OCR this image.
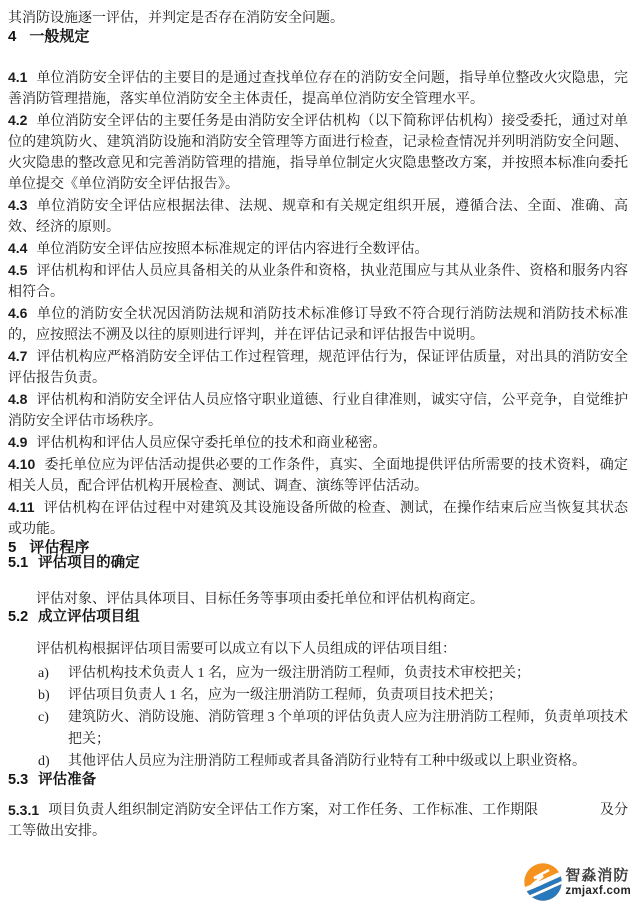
其消防设施逐一评估，并判定是否存在消防安全问题。

4 一般规定

4.1 单位消防安全评估的主要目的是通过查找单位存在的消防安全问题，指导单位整改火灾隐患，完善消防管理措施，落实单位消防安全主体责任，提高单位消防安全管理水平。

4.2 单位消防安全评估的主要任务是由消防安全评估机构（以下简称评估机构）接受委托，通过对单位的建筑防火、建筑消防设施和消防安全管理等方面进行检查，记录检查情况并列明消防安全问题、火灾隐患的整改意见和完善消防管理的措施，指导单位制定火灾隐患整改方案，并按照本标准向委托单位提交《单位消防安全评估报告》。

4.3 单位消防安全评估应根据法律、法规、规章和有关规定组织开展，遵循合法、全面、准确、高效、经济的原则。

4.4 单位消防安全评估应按照本标准规定的评估内容进行全数评估。

4.5 评估机构和评估人员应具备相关的从业条件和资格，执业范围应与其从业条件、资格和服务内容相符合。

4.6 单位的消防安全状况因消防法规和消防技术标准修订导致不符合现行消防法规和消防技术标准的，应按照法不溯及以往的原则进行评判，并在评估记录和评估报告中说明。

4.7 评估机构应严格消防安全评估工作过程管理，规范评估行为，保证评估质量，对出具的消防安全评估报告负责。

4.8 评估机构和消防安全评估人员应恪守职业道德、行业自律准则，诚实守信，公平竞争，自觉维护消防安全评估市场秩序。

4.9 评估机构和评估人员应保守委托单位的技术和商业秘密。

4.10 委托单位应为评估活动提供必要的工作条件，真实、全面地提供评估所需要的技术资料，确定相关人员，配合评估机构开展检查、测试、调查、演练等评估活动。

4.11 评估机构在评估过程中对建筑及其设施设备所做的检查、测试，在操作结束后应当恢复其状态或功能。

5 评估程序
5.1 评估项目的确定

评估对象、评估具体项目、目标任务等事项由委托单位和评估机构商定。

5.2 成立评估项目组

评估机构根据评估项目需要可以成立有以下人员组成的评估项目组：

a)	评估机构技术负责人 1 名，应为一级注册消防工程师，负责技术审校把关；
b)	评估项目负责人 1 名，应为一级注册消防工程师，负责项目技术把关；
c)	建筑防火、消防设施、消防管理 3 个单项的评估负责人应为注册消防工程师，负责单项技术把关；
d)	其他评估人员应为注册消防工程师或者具备消防行业特有工种中级或以上职业资格。
5.3 评估准备
5.3.1 项目负责人组织制定消防安全评估工作方案，对工作任务、工作标准、工作期限	及分

工等做出安排。

智淼消防
zmjaxf.com
